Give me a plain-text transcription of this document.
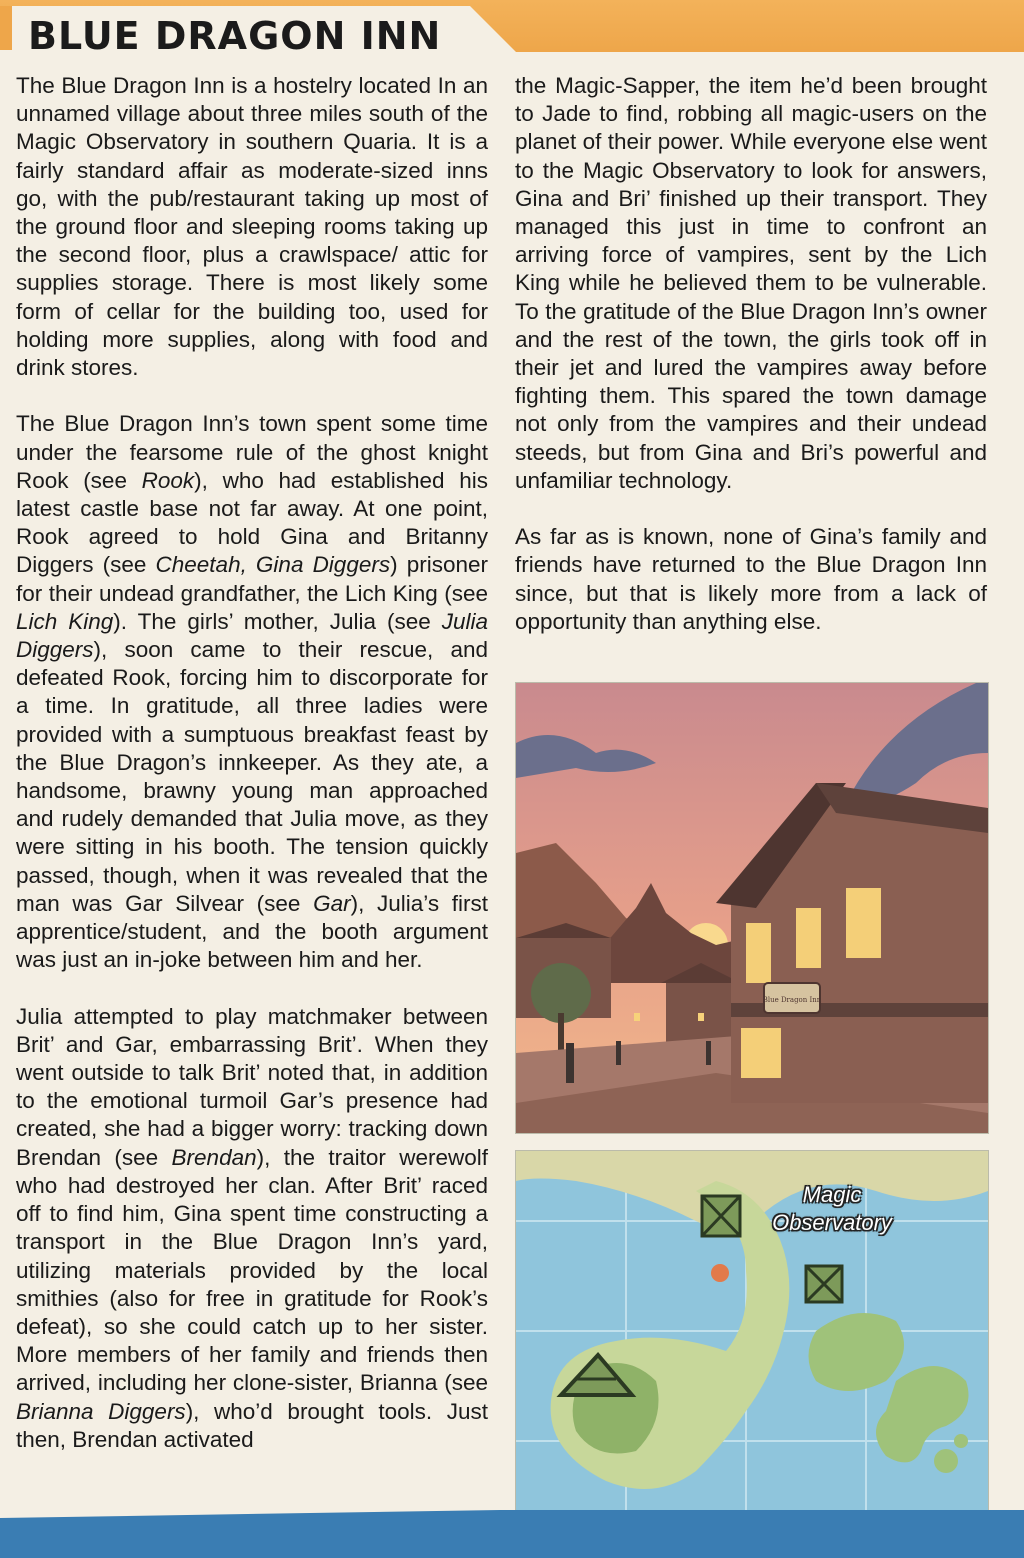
BLUE DRAGON INN

The Blue Dragon Inn is a hostelry located In an unnamed village about three miles south of the Magic Observatory in southern Quaria. It is a fairly standard affair as moderate-sized inns go, with the pub/restaurant taking up most of the ground floor and sleeping rooms taking up the second floor, plus a crawlspace/ attic for supplies storage. There is most likely some form of cellar for the building too, used for holding more supplies, along with food and drink stores.

The Blue Dragon Inn’s town spent some time under the fearsome rule of the ghost knight Rook (see Rook), who had established his latest castle base not far away. At one point, Rook agreed to hold Gina and Britanny Diggers (see Cheetah, Gina Diggers) prisoner for their undead grandfather, the Lich King (see Lich King). The girls’ mother, Julia (see Julia Diggers), soon came to their rescue, and defeated Rook, forcing him to discorporate for a time. In gratitude, all three ladies were provided with a sumptuous breakfast feast by the Blue Dragon’s innkeeper. As they ate, a handsome, brawny young man approached and rudely demanded that Julia move, as they were sitting in his booth. The tension quickly passed, though, when it was revealed that the man was Gar Silvear (see Gar), Julia’s first apprentice/student, and the booth argument was just an in-joke between him and her.

Julia attempted to play matchmaker between Brit’ and Gar, embarrassing Brit’. When they went outside to talk Brit’ noted that, in addition to the emotional turmoil Gar’s presence had created, she had a bigger worry: tracking down Brendan (see Brendan), the traitor werewolf who had destroyed her clan. After Brit’ raced off to find him, Gina spent time constructing a transport in the Blue Dragon Inn’s yard, utilizing materials provided by the local smithies (also for free in gratitude for Rook’s defeat), so she could catch up to her sister. More members of her family and friends then arrived, including her clone-sister, Brianna (see Brianna Diggers), who’d brought tools. Just then, Brendan activated

the Magic-Sapper, the item he’d been brought to Jade to find, robbing all magic-users on the planet of their power. While everyone else went to the Magic Observatory to look for answers, Gina and Bri’ finished up their transport. They managed this just in time to confront an arriving force of vampires, sent by the Lich King while he believed them to be vulnerable. To the gratitude of the Blue Dragon Inn’s owner and the rest of the town, the girls took off in their jet and lured the vampires away before fighting them. This spared the town damage not only from the vampires and their undead steeds, but from Gina and Bri’s powerful and unfamiliar technology.

As far as is known, none of Gina’s family and friends have returned to the Blue Dragon Inn since, but that is likely more from a lack of opportunity than anything else.

Blue Dragon Inn
Magic
Observatory
